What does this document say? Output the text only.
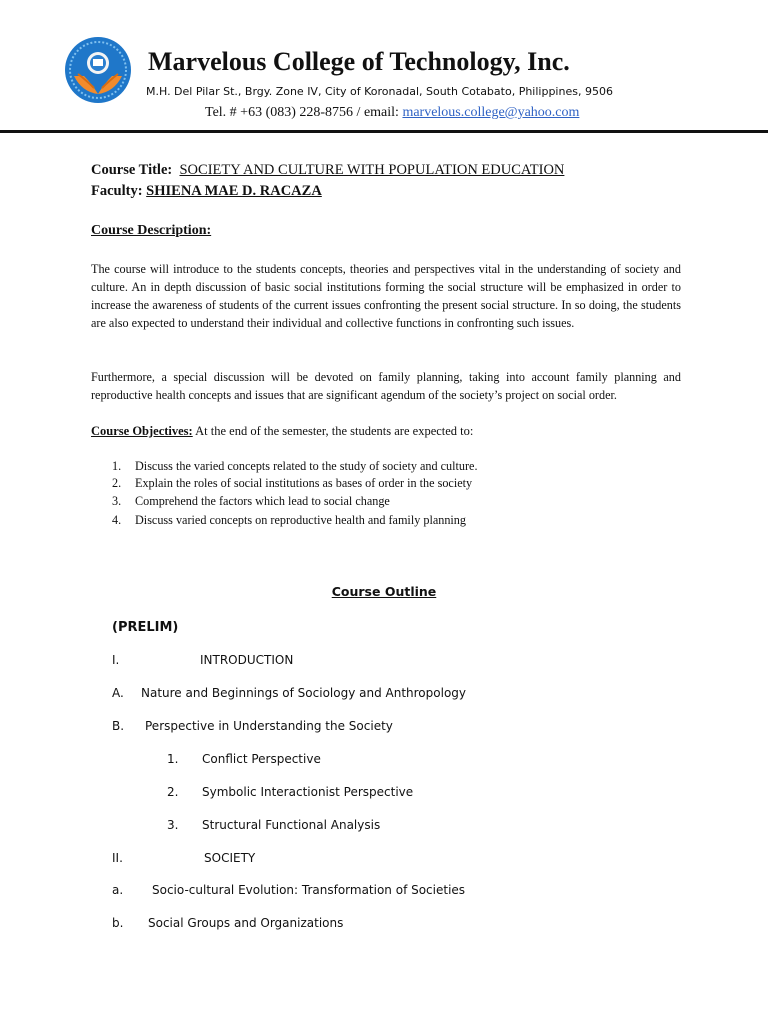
Marvelous College of Technology, Inc.
M.H. Del Pilar St., Brgy. Zone IV, City of Koronadal, South Cotabato, Philippines, 9506
Tel. # +63 (083) 228-8756 / email: marvelous.college@yahoo.com
Course Title: SOCIETY AND CULTURE WITH POPULATION EDUCATION
Faculty: SHIENA MAE D. RACAZA
Course Description:
The course will introduce to the students concepts, theories and perspectives vital in the understanding of society and culture. An in depth discussion of basic social institutions forming the social structure will be emphasized in order to increase the awareness of students of the current issues confronting the present social structure. In so doing, the students are also expected to understand their individual and collective functions in confronting such issues.
Furthermore, a special discussion will be devoted on family planning, taking into account family planning and reproductive health concepts and issues that are significant agendum of the society’s project on social order.
Course Objectives: At the end of the semester, the students are expected to:
1. Discuss the varied concepts related to the study of society and culture.
2. Explain the roles of social institutions as bases of order in the society
3. Comprehend the factors which lead to social change
4. Discuss varied concepts on reproductive health and family planning
Course Outline
(PRELIM)
I.	INTRODUCTION
A. Nature and Beginnings of Sociology and Anthropology
B. Perspective in Understanding the Society
1. Conflict Perspective
2. Symbolic Interactionist Perspective
3. Structural Functional Analysis
II.	SOCIETY
a. Socio-cultural Evolution: Transformation of Societies
b. Social Groups and Organizations
